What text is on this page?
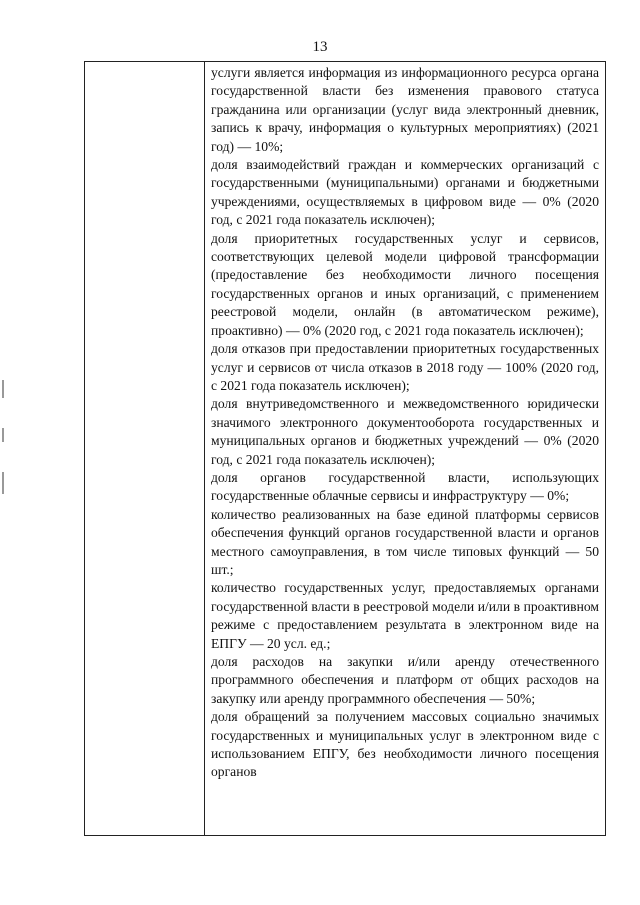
13

услуги является информация из информационного ресурса органа государственной власти без изменения правового статуса гражданина или организации (услуг вида электронный дневник, запись к врачу, информация о культурных мероприятиях) (2021 год) — 10%;

доля взаимодействий граждан и коммерческих организаций с государственными (муниципальными) органами и бюджетными учреждениями, осуществляемых в цифровом виде — 0% (2020 год, с 2021 года показатель исключен);

доля приоритетных государственных услуг и сервисов, соответствующих целевой модели цифровой трансформации (предоставление без необходимости личного посещения государственных органов и иных организаций, с применением реестровой модели, онлайн (в автоматическом режиме), проактивно) — 0% (2020 год, с 2021 года показатель исключен);

доля отказов при предоставлении приоритетных государственных услуг и сервисов от числа отказов в 2018 году — 100% (2020 год, с 2021 года показатель исключен);

доля внутриведомственного и межведомственного юридически значимого электронного документооборота государственных и муниципальных органов и бюджетных учреждений — 0% (2020 год, с 2021 года показатель исключен);

доля органов государственной власти, использующих государственные облачные сервисы и инфраструктуру — 0%;

количество реализованных на базе единой платформы сервисов обеспечения функций органов государственной власти и органов местного самоуправления, в том числе типовых функций — 50 шт.;

количество государственных услуг, предоставляемых органами государственной власти в реестровой модели и/или в проактивном режиме с предоставлением результата в электронном виде на ЕПГУ — 20 усл. ед.;

доля расходов на закупки и/или аренду отечественного программного обеспечения и платформ от общих расходов на закупку или аренду программного обеспечения — 50%;

доля обращений за получением массовых социально значимых государственных и муниципальных услуг в электронном виде с использованием ЕПГУ, без необходимости личного посещения органов
